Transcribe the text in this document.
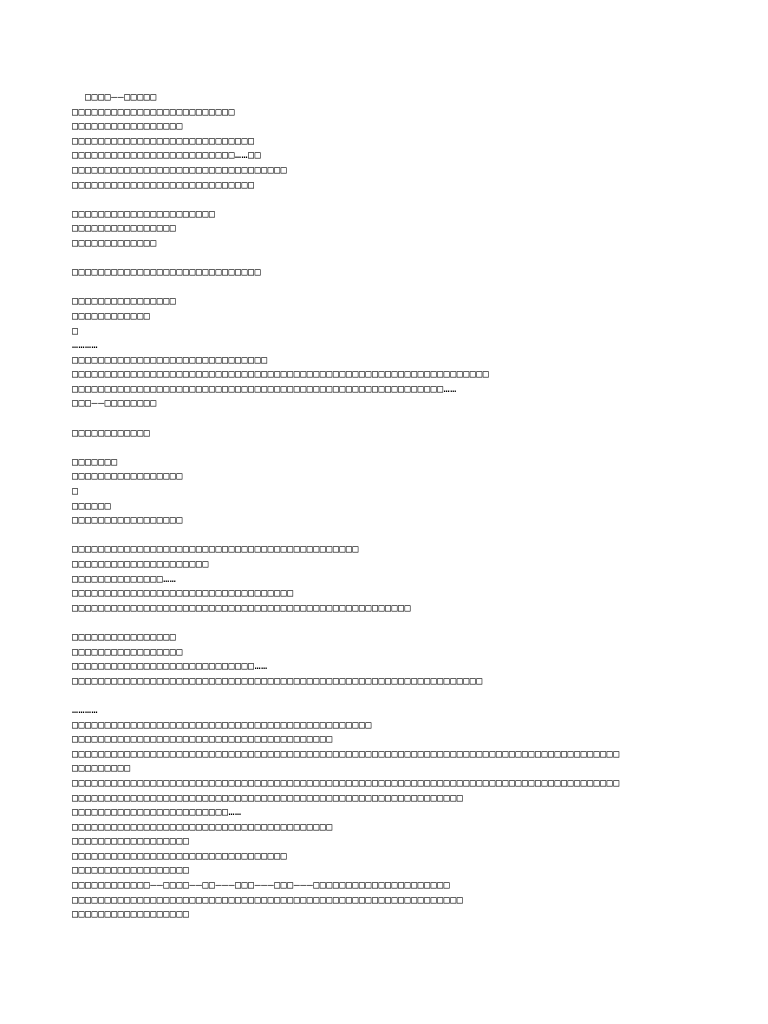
□□□□——□□□□□
□□□□□□□□□□□□□□□□□□□□□□□□□
□□□□□□□□□□□□□□□□□
□□□□□□□□□□□□□□□□□□□□□□□□□□□□
□□□□□□□□□□□□□□□□□□□□□□□□□……□□
□□□□□□□□□□□□□□□□□□□□□□□□□□□□□□□□□
□□□□□□□□□□□□□□□□□□□□□□□□□□□□
□□□□□□□□□□□□□□□□□□□□□□
□□□□□□□□□□□□□□□□
□□□□□□□□□□□□□
□□□□□□□□□□□□□□□□□□□□□□□□□□□□□
□□□□□□□□□□□□□□□□
□□□□□□□□□□□□
□
…………
□□□□□□□□□□□□□□□□□□□□□□□□□□□□□□
□□□□□□□□□□□□□□□□□□□□□□□□□□□□□□□□□□□□□□□□□□□□□□□□□□□□□□□□□□□□□□□□
□□□□□□□□□□□□□□□□□□□□□□□□□□□□□□□□□□□□□□□□□□□□□□□□□□□□□□□□□……
□□□——□□□□□□□□
□□□□□□□□□□□□
□□□□□□□
□□□□□□□□□□□□□□□□□
□
□□□□□□
□□□□□□□□□□□□□□□□□
□□□□□□□□□□□□□□□□□□□□□□□□□□□□□□□□□□□□□□□□□□□□
□□□□□□□□□□□□□□□□□□□□□
□□□□□□□□□□□□□□……
□□□□□□□□□□□□□□□□□□□□□□□□□□□□□□□□□□
□□□□□□□□□□□□□□□□□□□□□□□□□□□□□□□□□□□□□□□□□□□□□□□□□□□□
□□□□□□□□□□□□□□□□
□□□□□□□□□□□□□□□□□
□□□□□□□□□□□□□□□□□□□□□□□□□□□□……
□□□□□□□□□□□□□□□□□□□□□□□□□□□□□□□□□□□□□□□□□□□□□□□□□□□□□□□□□□□□□□□
…………
□□□□□□□□□□□□□□□□□□□□□□□□□□□□□□□□□□□□□□□□□□□□□□
□□□□□□□□□□□□□□□□□□□□□□□□□□□□□□□□□□□□□□□□
□□□□□□□□□□□□□□□□□□□□□□□□□□□□□□□□□□□□□□□□□□□□□□□□□□□□□□□□□□□□□□□□□□□□□□□□□□□□□□□□□□□□
□□□□□□□□□
□□□□□□□□□□□□□□□□□□□□□□□□□□□□□□□□□□□□□□□□□□□□□□□□□□□□□□□□□□□□□□□□□□□□□□□□□□□□□□□□□□□□
□□□□□□□□□□□□□□□□□□□□□□□□□□□□□□□□□□□□□□□□□□□□□□□□□□□□□□□□□□□□
□□□□□□□□□□□□□□□□□□□□□□□□……
□□□□□□□□□□□□□□□□□□□□□□□□□□□□□□□□□□□□□□□□
□□□□□□□□□□□□□□□□□□
□□□□□□□□□□□□□□□□□□□□□□□□□□□□□□□□□
□□□□□□□□□□□□□□□□□□
□□□□□□□□□□□□——□□□□——□□———□□□———□□□———□□□□□□□□□□□□□□□□□□□□□
□□□□□□□□□□□□□□□□□□□□□□□□□□□□□□□□□□□□□□□□□□□□□□□□□□□□□□□□□□□□
□□□□□□□□□□□□□□□□□□
